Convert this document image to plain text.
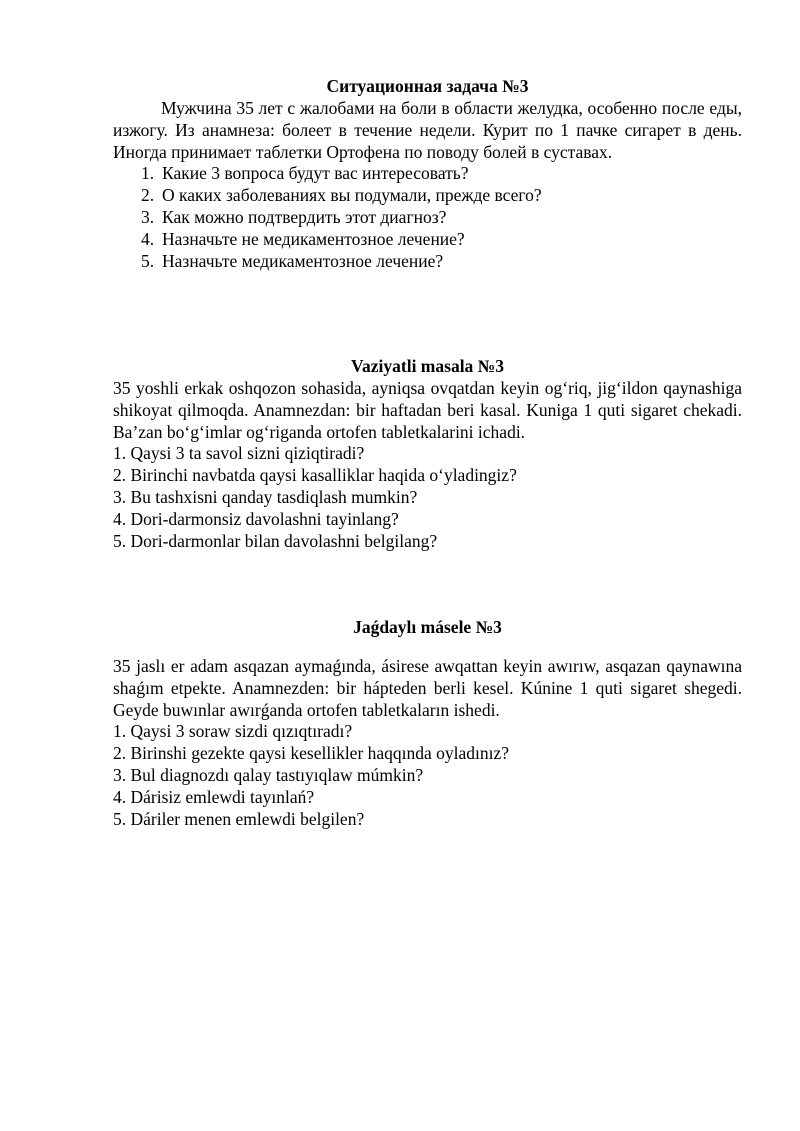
Ситуационная задача №3

Мужчина 35 лет с жалобами на боли в области желудка, особенно после еды, изжогу. Из анамнеза: болеет в течение недели. Курит по 1 пачке сигарет в день. Иногда принимает таблетки Ортофена по поводу болей в суставах.

1. Какие 3 вопроса будут вас интересовать?
2. О каких заболеваниях вы подумали, прежде всего?
3. Как можно подтвердить этот диагноз?
4. Назначьте не медикаментозное лечение?
5. Назначьте медикаментозное лечение?

Vaziyatli masala №3

35 yoshli erkak oshqozon sohasida, ayniqsa ovqatdan keyin og‘riq, jig‘ildon qaynashiga shikoyat qilmoqda. Anamnezdan: bir haftadan beri kasal. Kuniga 1 quti sigaret chekadi. Ba’zan bo‘g‘imlar og‘riganda ortofen tabletkalarini ichadi.

1. Qaysi 3 ta savol sizni qiziqtiradi?
2. Birinchi navbatda qaysi kasalliklar haqida o‘yladingiz?
3. Bu tashxisni qanday tasdiqlash mumkin?
4. Dori-darmonsiz davolashni tayinlang?
5. Dori-darmonlar bilan davolashni belgilang?

Jaǵdaylı másele №3

35 jaslı er adam asqazan aymaǵında, ásirese awqattan keyin awırıw, asqazan qaynawına shaǵım etpekte. Anamnezden: bir hápteden berli kesel. Kúnine 1 quti sigaret shegedi. Geyde buwınlar awırǵanda ortofen tabletkaların ishedi.

1. Qaysi 3 soraw sizdi qızıqtıradı?
2. Birinshi gezekte qaysi kesellikler haqqında oyladınız?
3. Bul diagnozdı qalay tastıyıqlaw múmkin?
4. Dárisiz emlewdi tayınlań?
5. Dáriler menen emlewdi belgilen?
